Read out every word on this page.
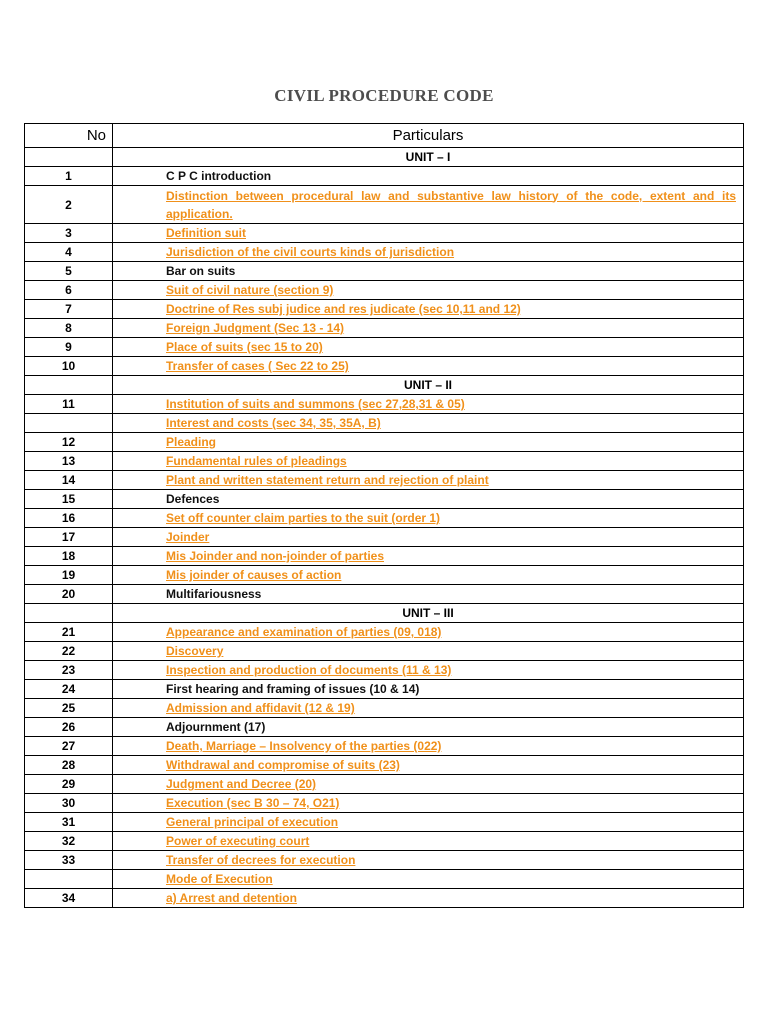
CIVIL PROCEDURE CODE
No	Particulars
	UNIT – I
1	C P C introduction
2	Distinction between procedural law and substantive law history of the code, extent and its application.
3	Definition suit
4	Jurisdiction of the civil courts kinds of jurisdiction
5	Bar on suits
6	Suit of civil nature (section 9)
7	Doctrine of Res subj judice and res judicate (sec 10,11 and 12)
8	Foreign Judgment (Sec 13 - 14)
9	Place of suits (sec 15 to 20)
10	Transfer of cases ( Sec 22 to 25)
	UNIT – II
11	Institution of suits and summons (sec 27,28,31 & 05)
	Interest and costs (sec 34, 35, 35A, B)
12	Pleading
13	Fundamental rules of pleadings
14	Plant and written statement return and rejection of plaint
15	Defences
16	Set off counter claim parties to the suit (order 1)
17	Joinder
18	Mis Joinder and non-joinder of parties
19	Mis joinder of causes of action
20	Multifariousness
	UNIT – III
21	Appearance and examination of parties (09, 018)
22	Discovery
23	Inspection and production of documents (11 & 13)
24	First hearing and framing of issues (10 & 14)
25	Admission and affidavit (12 & 19)
26	Adjournment (17)
27	Death, Marriage – Insolvency of the parties (022)
28	Withdrawal and compromise of suits (23)
29	Judgment and Decree (20)
30	Execution (sec B 30 – 74, O21)
31	General principal of execution
32	Power of executing court
33	Transfer of decrees for execution
	Mode of Execution
34	a) Arrest and detention
